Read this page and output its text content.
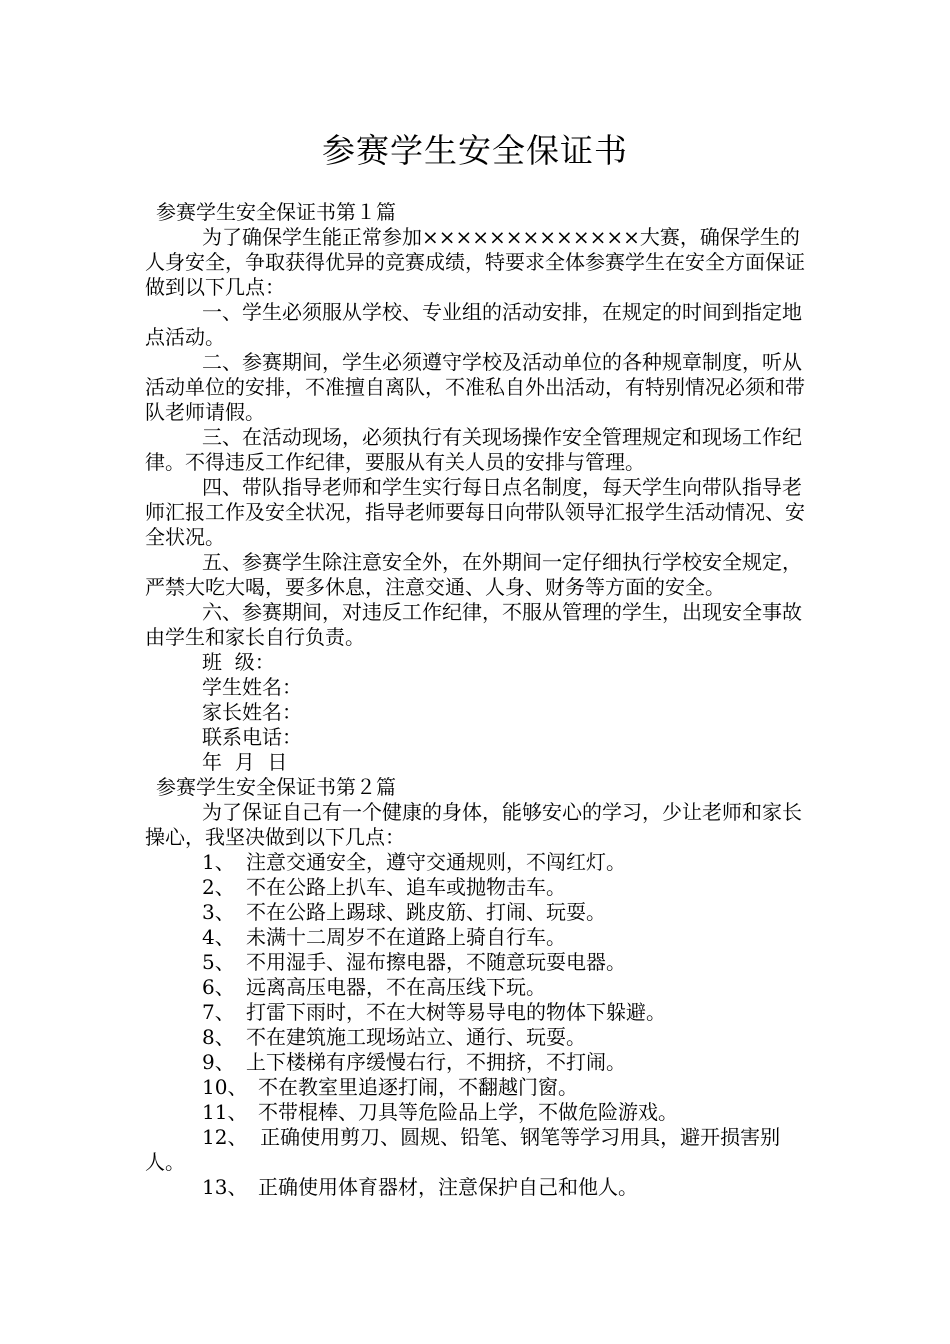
参赛学生安全保证书

参赛学生安全保证书第１篇

为了确保学生能正常参加×××××××××××××大赛，确保学生的人身安全，争取获得优异的竞赛成绩，特要求全体参赛学生在安全方面保证做到以下几点：

一、学生必须服从学校、专业组的活动安排，在规定的时间到指定地点活动。

二、参赛期间，学生必须遵守学校及活动单位的各种规章制度，听从活动单位的安排，不准擅自离队，不准私自外出活动，有特别情况必须和带队老师请假。

三、在活动现场，必须执行有关现场操作安全管理规定和现场工作纪律。不得违反工作纪律，要服从有关人员的安排与管理。

四、带队指导老师和学生实行每日点名制度，每天学生向带队指导老师汇报工作及安全状况，指导老师要每日向带队领导汇报学生活动情况、安全状况。

五、参赛学生除注意安全外，在外期间一定仔细执行学校安全规定，严禁大吃大喝，要多休息，注意交通、人身、财务等方面的安全。

六、参赛期间，对违反工作纪律，不服从管理的学生，出现安全事故由学生和家长自行负责。

班  级：

学生姓名：

家长姓名：

联系电话：

年  月  日

参赛学生安全保证书第２篇

为了保证自己有一个健康的身体，能够安心的学习，少让老师和家长操心，我坚决做到以下几点：

1、 注意交通安全，遵守交通规则，不闯红灯。

2、 不在公路上扒车、追车或抛物击车。

3、 不在公路上踢球、跳皮筋、打闹、玩耍。

4、 未满十二周岁不在道路上骑自行车。

5、 不用湿手、湿布擦电器，不随意玩耍电器。

6、 远离高压电器，不在高压线下玩。

7、 打雷下雨时，不在大树等易导电的物体下躲避。

8、 不在建筑施工现场站立、通行、玩耍。

9、 上下楼梯有序缓慢右行，不拥挤，不打闹。

10、 不在教室里追逐打闹，不翻越门窗。

11、 不带棍棒、刀具等危险品上学，不做危险游戏。

12、 正确使用剪刀、圆规、铅笔、钢笔等学习用具，避开损害别人。

13、 正确使用体育器材，注意保护自己和他人。
